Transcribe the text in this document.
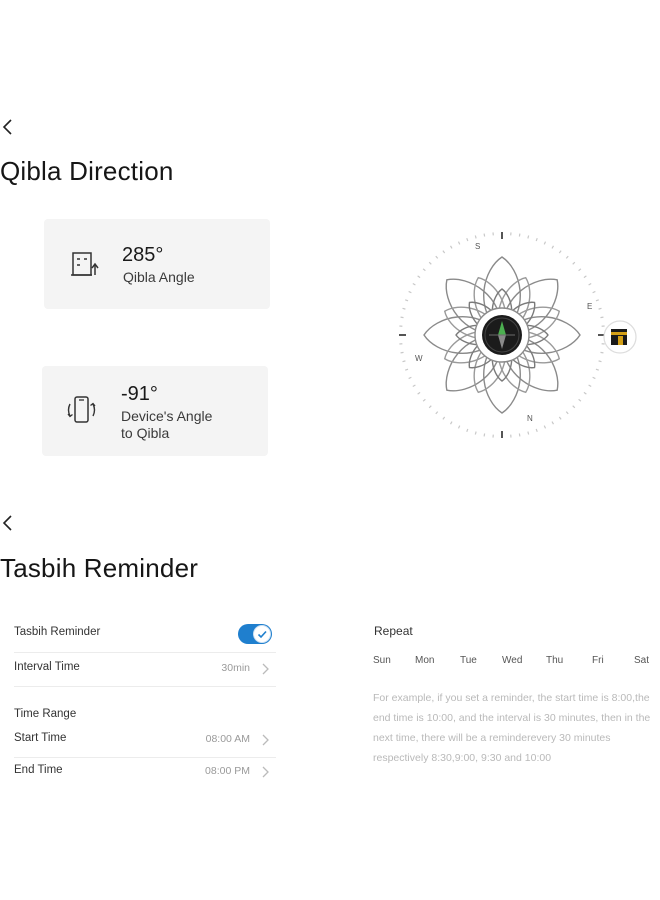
Qibla Direction
285°
Qibla Angle
-91°
Device's Angle
to Qibla
S
W
E
N
Tasbih Reminder
Tasbih Reminder
Interval Time	30min
Time Range
Start Time	08:00 AM
End Time	08:00 PM
Repeat
Sun Mon	Tue	Wed Thu	Fri	Sat
For example, if you set a reminder, the start time is 8:00,the end time is 10:00, and the interval is 30 minutes, then in the next time, there will be a reminderevery 30 minutes respectively 8:30,9:00, 9:30 and 10:00
